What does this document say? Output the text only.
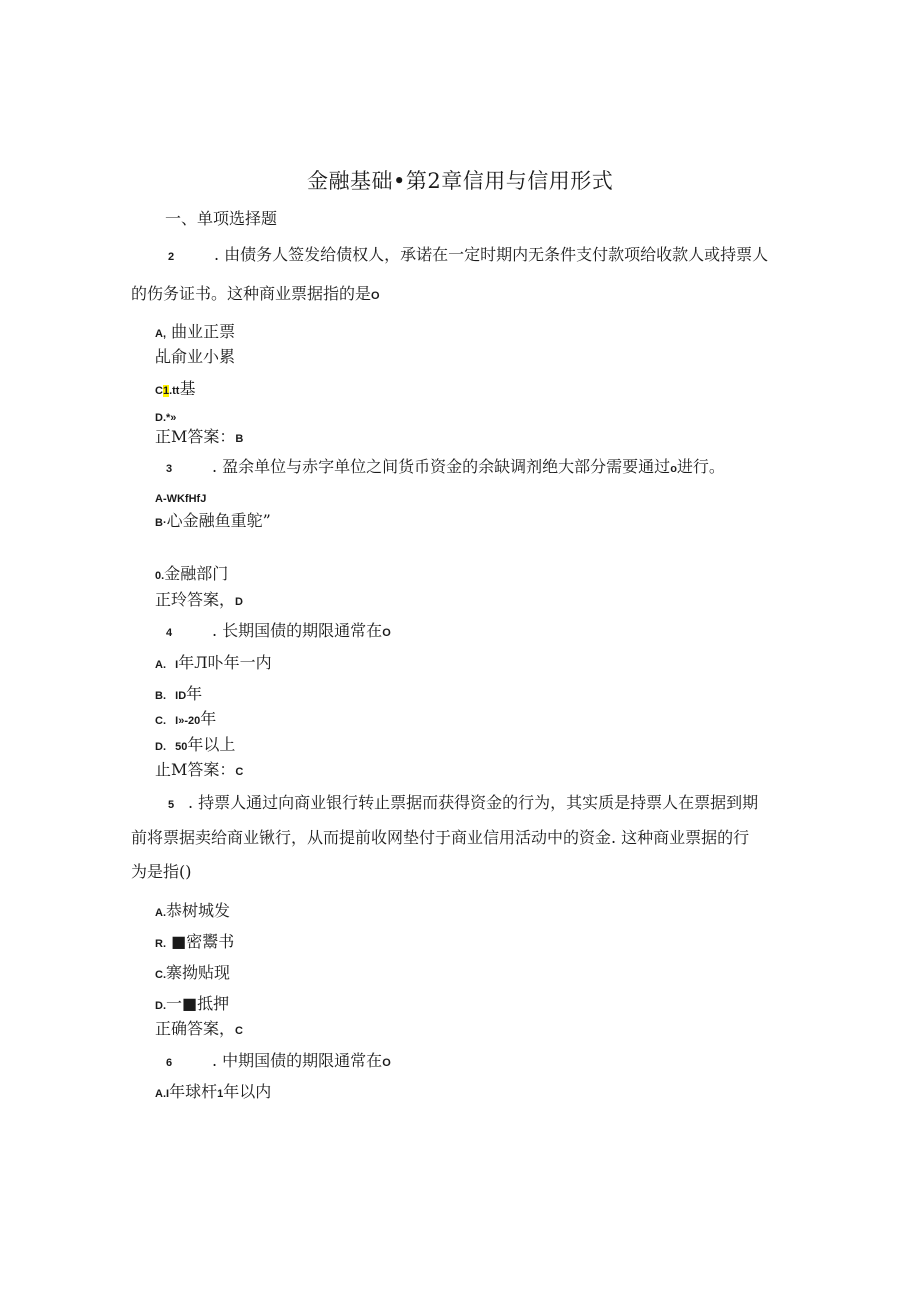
金融基础•第2章信用与信用形式
一、单项选择题
2 . 由债务人签发给债权人，承诺在一定时期内无条件支付款项给收款人或持票人
的伤务证书。这种商业票据指的是O
A, 曲业正票
乩俞业小累
C1.tt基
D.*»
正M答案：B
3 . 盈余单位与赤字单位之间货币资金的余缺调剂绝大部分需要通过o进行。
A-WKfHfJ
B·心金融鱼重鸵”
0.金融部门
正玲答案，D
4 . 长期国债的期限通常在O
A.   I年Л卟年一内
B.   ID年
C.   I»-20年
D.   50年以上
止M答案：C
5 . 持票人通过向商业银行转止票据而获得资金的行为，其实质是持票人在票据到期
前将票据卖给商业锹行，从而提前收网垫付于商业信用活动中的资金. 这种商业票据的行
为是指()
A.恭树城发
R. ■密鬻书
C.寨拗贴现
D.一■抵押
正确答案，C
6 . 中期国债的期限通常在O
A.I年球杆1年以内
